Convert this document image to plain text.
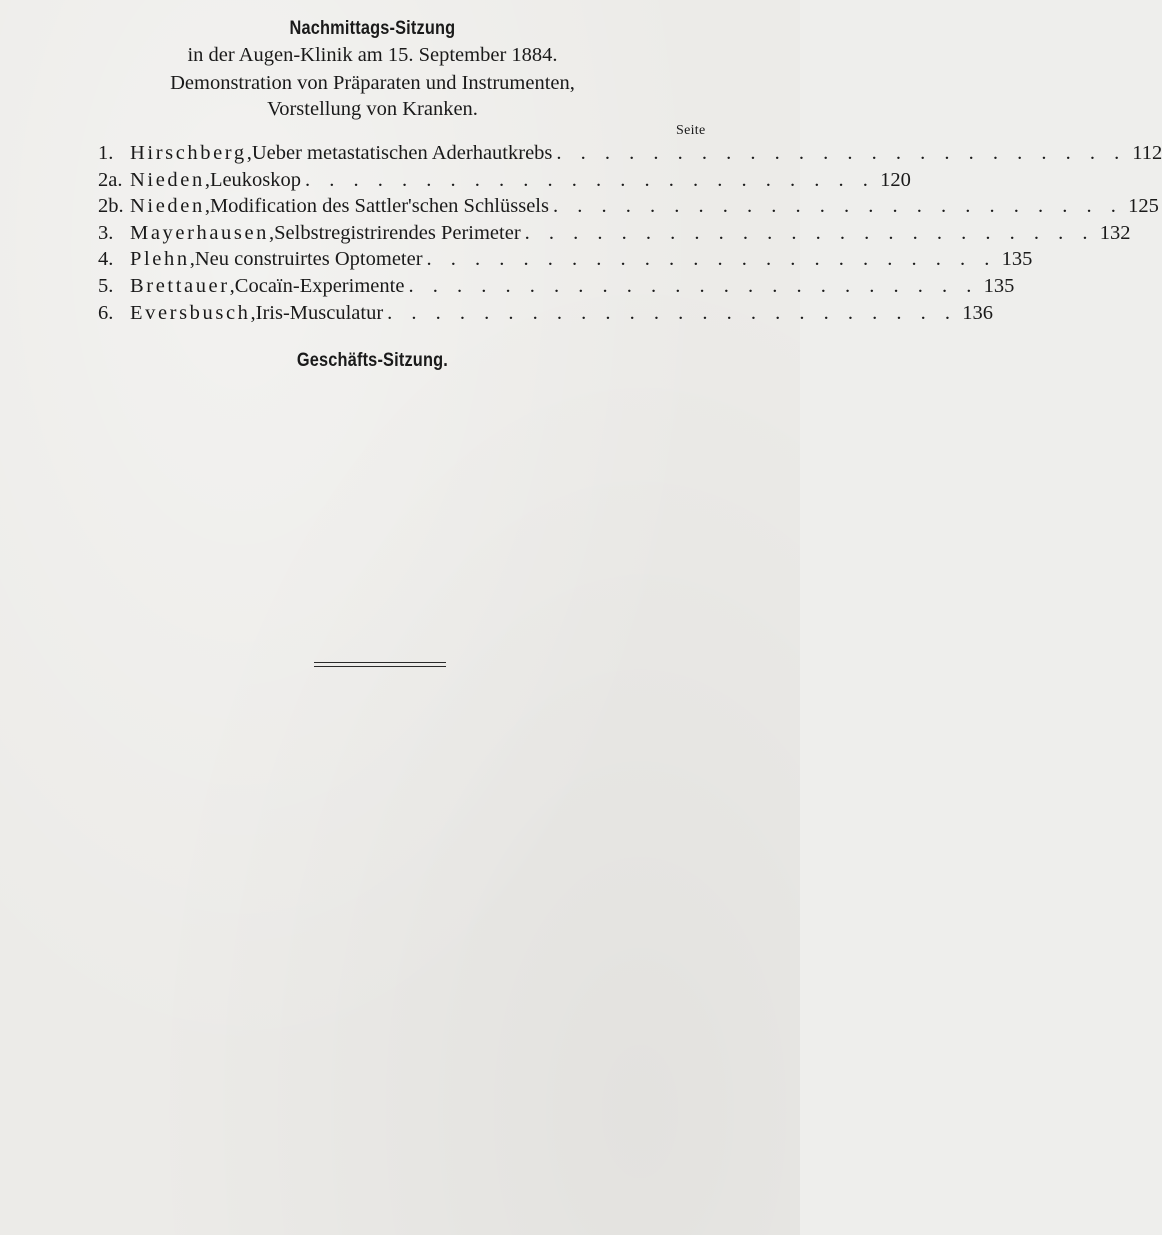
Nachmittags-Sitzung
in der Augen-Klinik am 15. September 1884.
Demonstration von Präparaten und Instrumenten,
Vorstellung von Kranken.
Seite
1. Hirschberg , Ueber metastatischen Aderhautkrebs . . . . . . . . . . . . . . . . . . . . . . . . 112
2a. Nieden , Leukoskop . . . . . . . . . . . . . . . . . . . . . . . . 120
2b. Nieden , Modification des Sattler'schen Schlüssels . . . . . . . . . . . . . . . . . . . . . . . . 125
3. Mayerhausen , Selbstregistrirendes Perimeter . . . . . . . . . . . . . . . . . . . . . . . . 132
4. Plehn , Neu construirtes Optometer . . . . . . . . . . . . . . . . . . . . . . . . 135
5. Brettauer , Cocaïn-Experimente . . . . . . . . . . . . . . . . . . . . . . . . 135
6. Eversbusch , Iris-Musculatur . . . . . . . . . . . . . . . . . . . . . . . . 136
Geschäfts-Sitzung.
